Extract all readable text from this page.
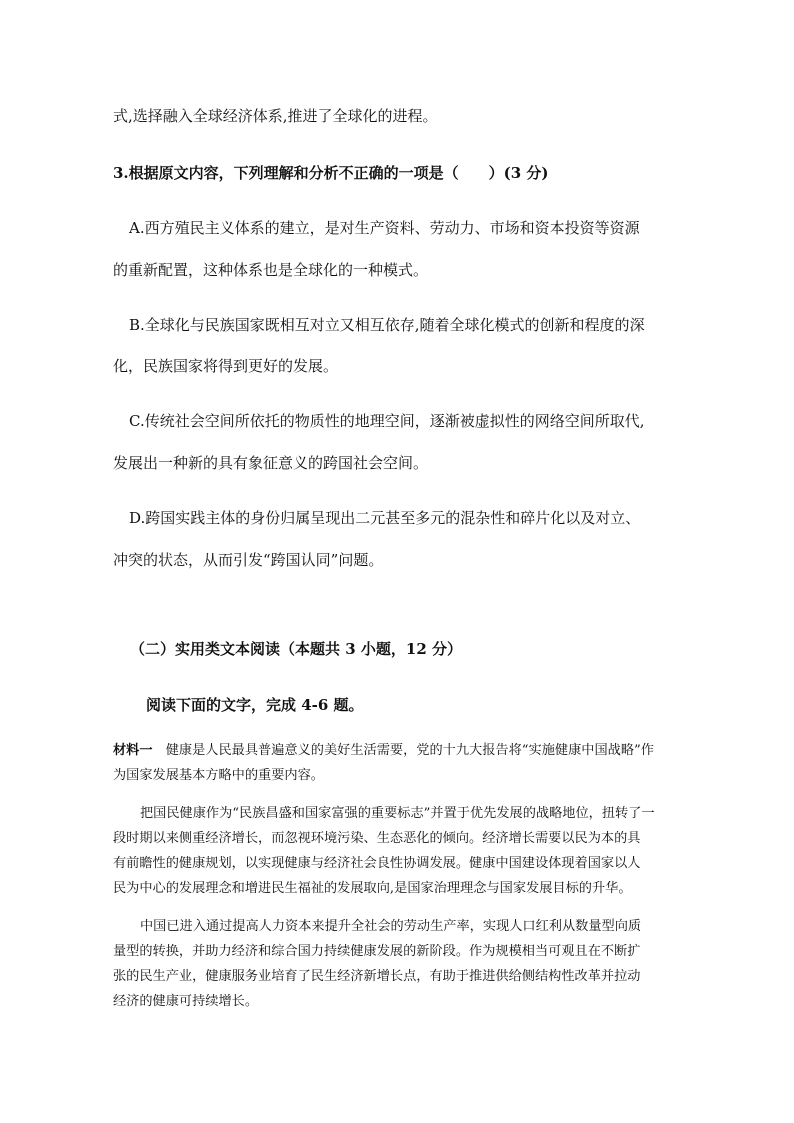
式,选择融入全球经济体系,推进了全球化的进程。
3.根据原文内容，下列理解和分析不正确的一项是（　　）(3 分)
A.西方殖民主义体系的建立，是对生产资料、劳动力、市场和资本投资等资源
的重新配置，这种体系也是全球化的一种模式。
B.全球化与民族国家既相互对立又相互依存,随着全球化模式的创新和程度的深
化，民族国家将得到更好的发展。
C.传统社会空间所依托的物质性的地理空间，逐渐被虚拟性的网络空间所取代,
发展出一种新的具有象征意义的跨国社会空间。
D.跨国实践主体的身份归属呈现出二元甚至多元的混杂性和碎片化以及对立、
冲突的状态，从而引发“跨国认同”问题。
（二）实用类文本阅读（本题共 3 小题，12 分）
阅读下面的文字，完成 4-6 题。
材料一　健康是人民最具普遍意义的美好生活需要，党的十九大报告将“实施健康中国战略”作
为国家发展基本方略中的重要内容。
把国民健康作为“民族昌盛和国家富强的重要标志”并置于优先发展的战略地位，扭转了一
段时期以来侧重经济增长，而忽视环境污染、生态恶化的倾向。经济增长需要以民为本的具
有前瞻性的健康规划，以实现健康与经济社会良性协调发展。健康中国建设体现着国家以人
民为中心的发展理念和增进民生福祉的发展取向,是国家治理理念与国家发展目标的升华。
中国已进入通过提高人力资本来提升全社会的劳动生产率，实现人口红利从数量型向质
量型的转换，并助力经济和综合国力持续健康发展的新阶段。作为规模相当可观且在不断扩
张的民生产业，健康服务业培育了民生经济新增长点，有助于推进供给侧结构性改革并拉动
经济的健康可持续增长。
